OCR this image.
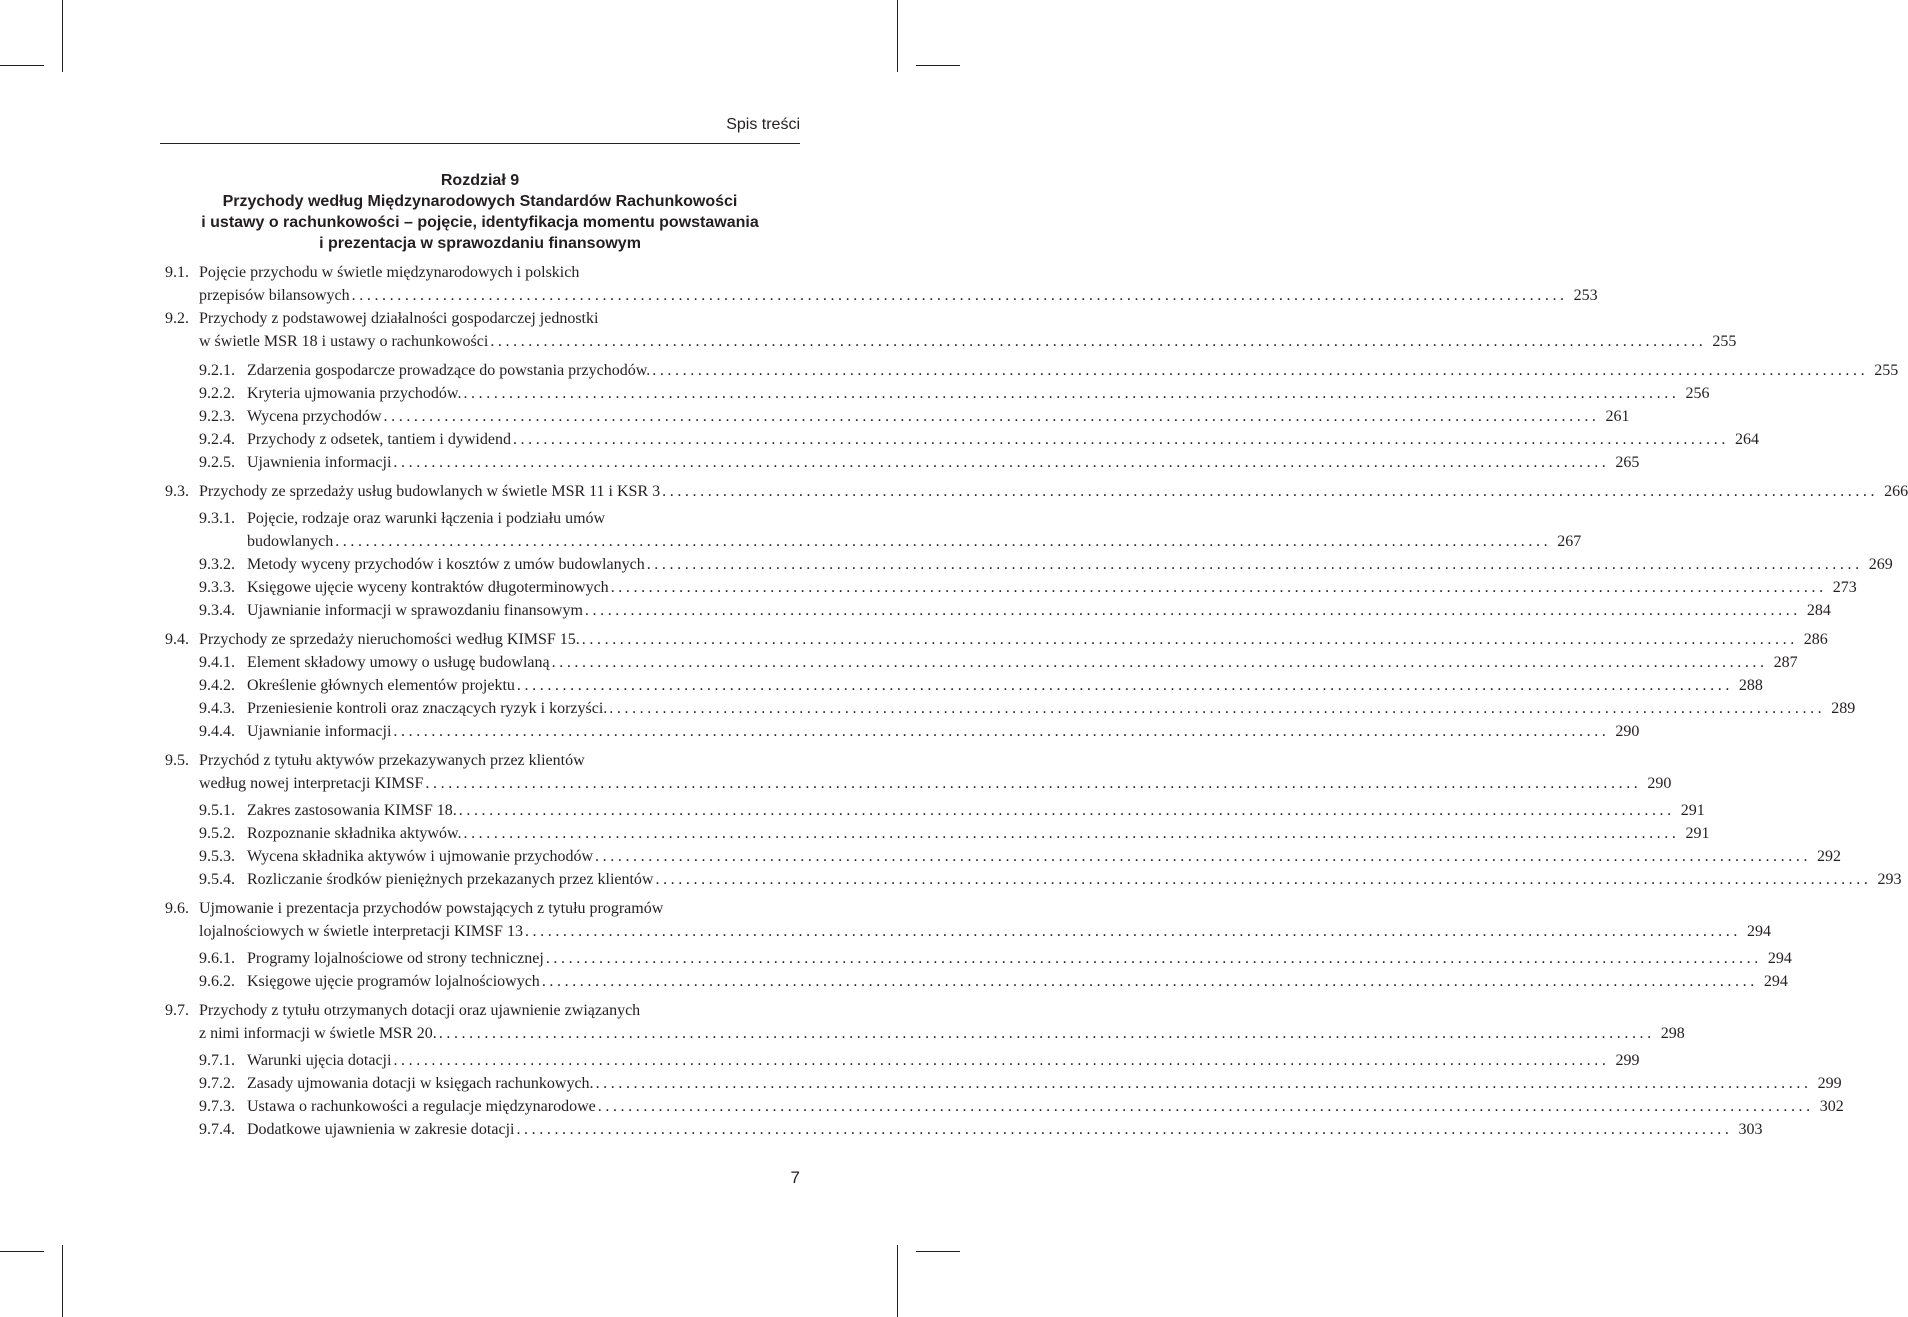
Spis treści
Rozdział 9
Przychody według Międzynarodowych Standardów Rachunkowości
i ustawy o rachunkowości – pojęcie, identyfikacja momentu powstawania
i prezentacja w sprawozdaniu finansowym
9.1. Pojęcie przychodu w świetle międzynarodowych i polskich
przepisów bilansowych ................................................................................................................................................................ 253
9.2. Przychody z podstawowej działalności gospodarczej jednostki
w świetle MSR 18 i ustawy o rachunkowości ................................................................................................................................................................ 255
9.2.1. Zdarzenia gospodarcze prowadzące do powstania przychodów. ................................................................................................................................................................ 255
9.2.2. Kryteria ujmowania przychodów. ................................................................................................................................................................ 256
9.2.3. Wycena przychodów ................................................................................................................................................................ 261
9.2.4. Przychody z odsetek, tantiem i dywidend ................................................................................................................................................................ 264
9.2.5. Ujawnienia informacji ................................................................................................................................................................ 265
9.3. Przychody ze sprzedaży usług budowlanych w świetle MSR 11 i KSR 3 ................................................................................................................................................................ 266
9.3.1. Pojęcie, rodzaje oraz warunki łączenia i podziału umów
budowlanych ................................................................................................................................................................ 267
9.3.2. Metody wyceny przychodów i kosztów z umów budowlanych ................................................................................................................................................................ 269
9.3.3. Księgowe ujęcie wyceny kontraktów długoterminowych ................................................................................................................................................................ 273
9.3.4. Ujawnianie informacji w sprawozdaniu finansowym ................................................................................................................................................................ 284
9.4. Przychody ze sprzedaży nieruchomości według KIMSF 15. ................................................................................................................................................................ 286
9.4.1. Element składowy umowy o usługę budowlaną ................................................................................................................................................................ 287
9.4.2. Określenie głównych elementów projektu ................................................................................................................................................................ 288
9.4.3. Przeniesienie kontroli oraz znaczących ryzyk i korzyści. ................................................................................................................................................................ 289
9.4.4. Ujawnianie informacji ................................................................................................................................................................ 290
9.5. Przychód z tytułu aktywów przekazywanych przez klientów
według nowej interpretacji KIMSF ................................................................................................................................................................ 290
9.5.1. Zakres zastosowania KIMSF 18. ................................................................................................................................................................ 291
9.5.2. Rozpoznanie składnika aktywów. ................................................................................................................................................................ 291
9.5.3. Wycena składnika aktywów i ujmowanie przychodów ................................................................................................................................................................ 292
9.5.4. Rozliczanie środków pieniężnych przekazanych przez klientów ................................................................................................................................................................ 293
9.6. Ujmowanie i prezentacja przychodów powstających z tytułu programów
lojalnościowych w świetle interpretacji KIMSF 13 ................................................................................................................................................................ 294
9.6.1. Programy lojalnościowe od strony technicznej ................................................................................................................................................................ 294
9.6.2. Księgowe ujęcie programów lojalnościowych ................................................................................................................................................................ 294
9.7. Przychody z tytułu otrzymanych dotacji oraz ujawnienie związanych
z nimi informacji w świetle MSR 20. ................................................................................................................................................................ 298
9.7.1. Warunki ujęcia dotacji ................................................................................................................................................................ 299
9.7.2. Zasady ujmowania dotacji w księgach rachunkowych. ................................................................................................................................................................ 299
9.7.3. Ustawa o rachunkowości a regulacje międzynarodowe ................................................................................................................................................................ 302
9.7.4. Dodatkowe ujawnienia w zakresie dotacji ................................................................................................................................................................ 303
7
